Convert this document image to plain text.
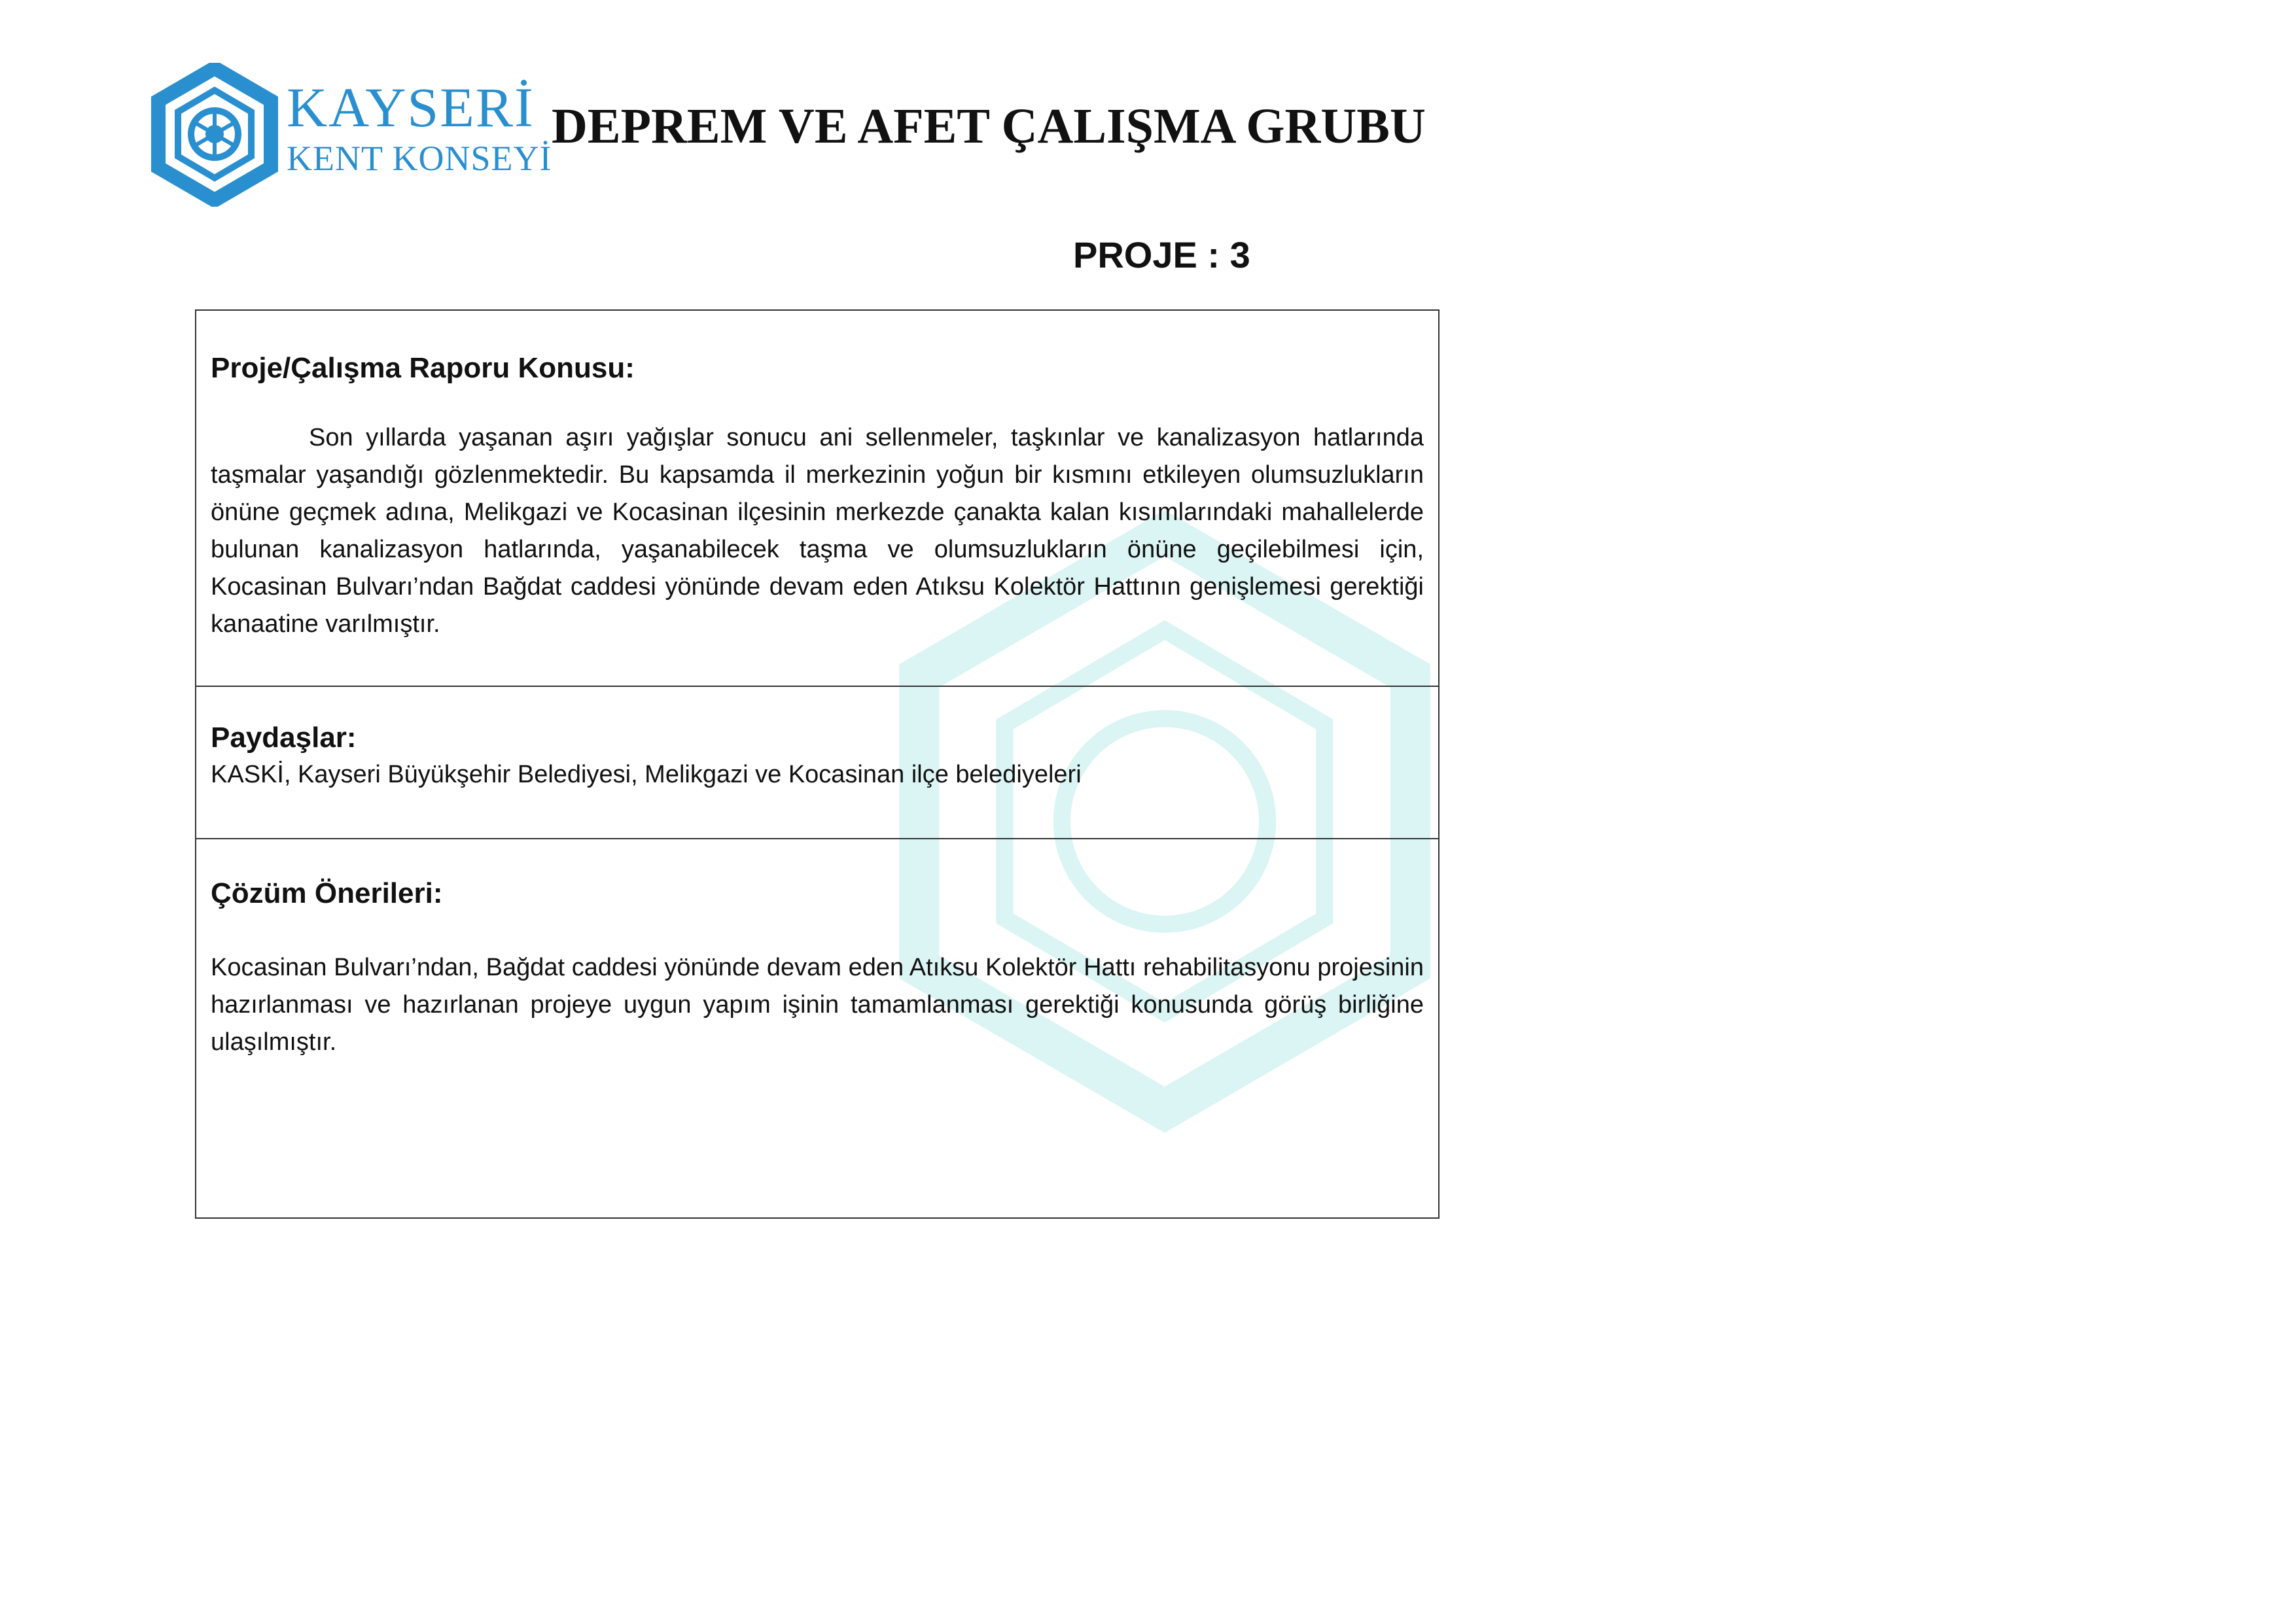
KAYSERİ
KENT KONSEYİ
DEPREM VE AFET ÇALIŞMA GRUBU
PROJE : 3
Proje/Çalışma Raporu Konusu:

Son yıllarda yaşanan aşırı yağışlar sonucu ani sellenmeler, taşkınlar ve kanalizasyon hatlarında taşmalar yaşandığı gözlenmektedir. Bu kapsamda il merkezinin yoğun bir kısmını etkileyen olumsuzlukların önüne geçmek adına, Melikgazi ve Kocasinan ilçesinin merkezde çanakta kalan kısımlarındaki mahallelerde bulunan kanalizasyon hatlarında, yaşanabilecek taşma ve olumsuzlukların önüne geçilebilmesi için, Kocasinan Bulvarı’ndan Bağdat caddesi yönünde devam eden Atıksu Kolektör Hattının genişlemesi gerektiği kanaatine varılmıştır.

Paydaşlar:

KASKİ, Kayseri Büyükşehir Belediyesi, Melikgazi ve Kocasinan ilçe belediyeleri

Çözüm Önerileri:

Kocasinan Bulvarı’ndan, Bağdat caddesi yönünde devam eden Atıksu Kolektör Hattı rehabilitasyonu projesinin hazırlanması ve hazırlanan projeye uygun yapım işinin tamamlanması gerektiği konusunda görüş birliğine ulaşılmıştır.
